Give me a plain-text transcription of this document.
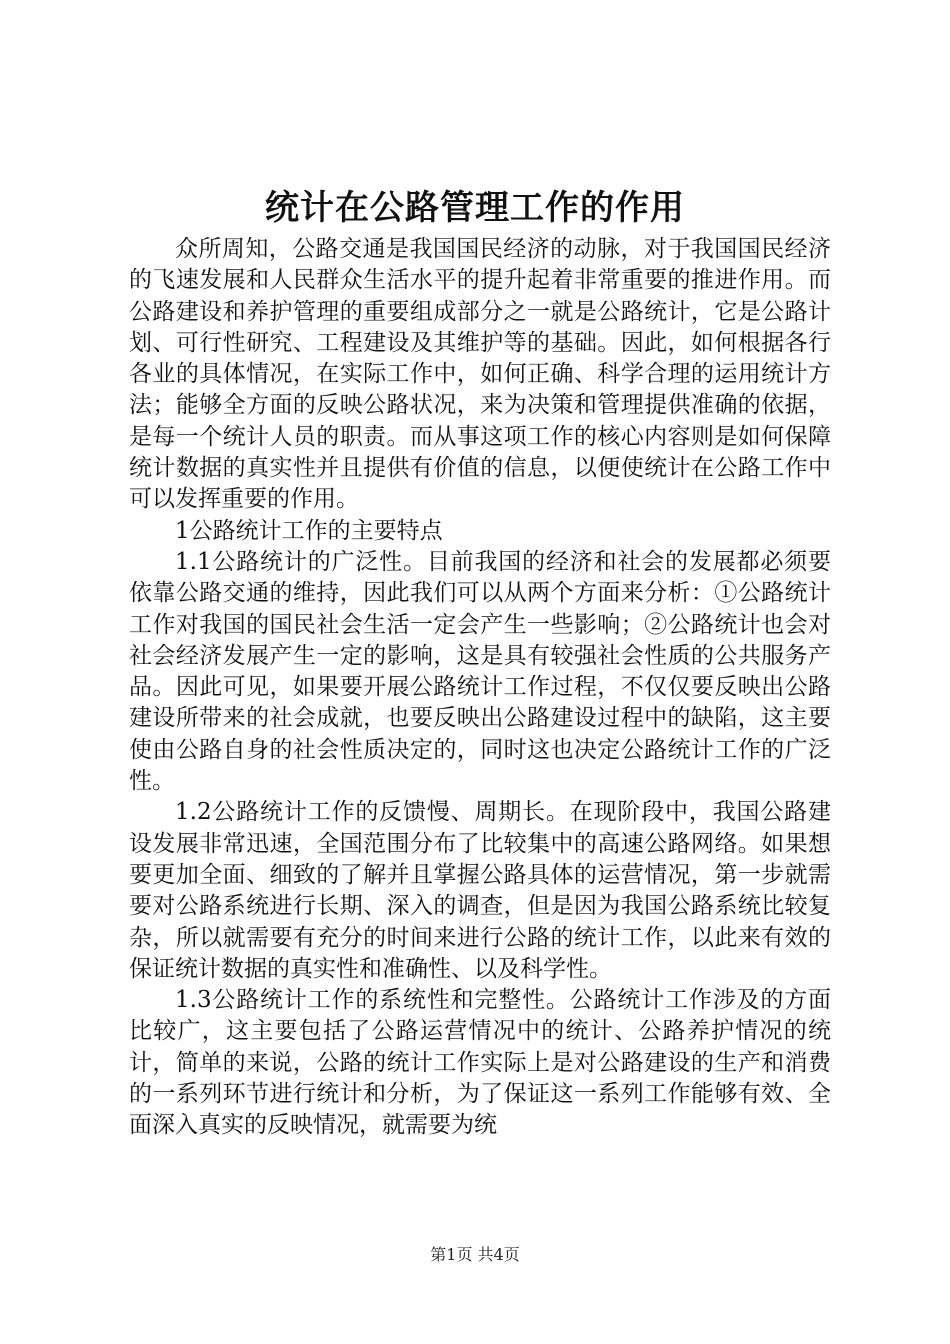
统计在公路管理工作的作用

众所周知，公路交通是我国国民经济的动脉，对于我国国民经济的飞速发展和人民群众生活水平的提升起着非常重要的推进作用。而公路建设和养护管理的重要组成部分之一就是公路统计，它是公路计划、可行性研究、工程建设及其维护等的基础。因此，如何根据各行各业的具体情况，在实际工作中，如何正确、科学合理的运用统计方法；能够全方面的反映公路状况，来为决策和管理提供准确的依据，是每一个统计人员的职责。而从事这项工作的核心内容则是如何保障统计数据的真实性并且提供有价值的信息，以便使统计在公路工作中可以发挥重要的作用。

1公路统计工作的主要特点

1.1公路统计的广泛性。目前我国的经济和社会的发展都必须要依靠公路交通的维持，因此我们可以从两个方面来分析：①公路统计工作对我国的国民社会生活一定会产生一些影响；②公路统计也会对社会经济发展产生一定的影响，这是具有较强社会性质的公共服务产品。因此可见，如果要开展公路统计工作过程，不仅仅要反映出公路建设所带来的社会成就，也要反映出公路建设过程中的缺陷，这主要使由公路自身的社会性质决定的，同时这也决定公路统计工作的广泛性。

1.2公路统计工作的反馈慢、周期长。在现阶段中，我国公路建设发展非常迅速，全国范围分布了比较集中的高速公路网络。如果想要更加全面、细致的了解并且掌握公路具体的运营情况，第一步就需要对公路系统进行长期、深入的调查，但是因为我国公路系统比较复杂，所以就需要有充分的时间来进行公路的统计工作，以此来有效的保证统计数据的真实性和准确性、以及科学性。

1.3公路统计工作的系统性和完整性。公路统计工作涉及的方面比较广，这主要包括了公路运营情况中的统计、公路养护情况的统计，简单的来说，公路的统计工作实际上是对公路建设的生产和消费的一系列环节进行统计和分析，为了保证这一系列工作能够有效、全面深入真实的反映情况，就需要为统

第1页 共4页
